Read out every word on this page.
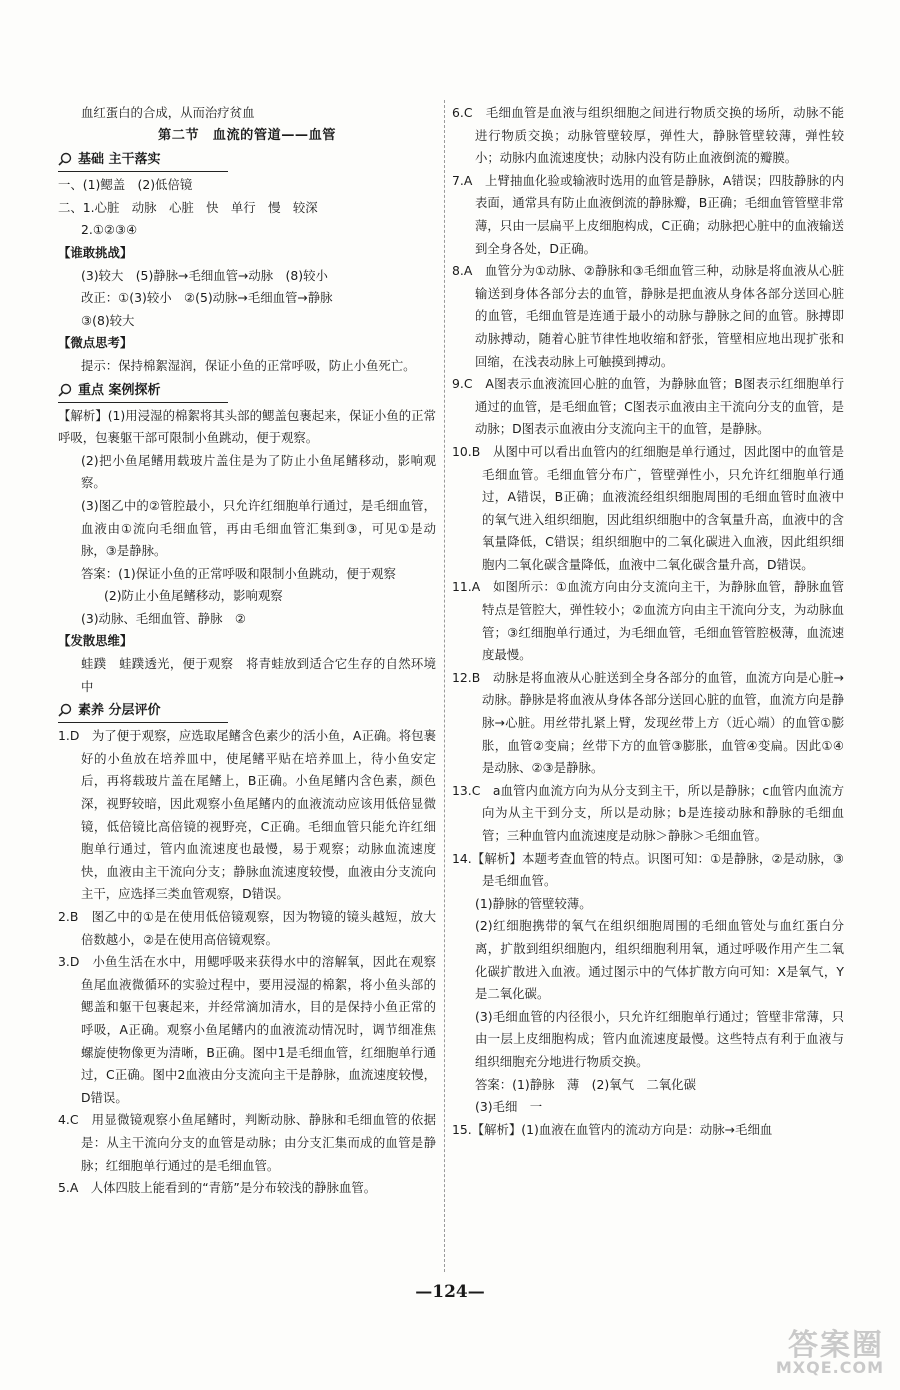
血红蛋白的合成，从而治疗贫血

第二节　血流的管道——血管

基础 主干落实

一、(1)鳃盖　(2)低倍镜

二、1.心脏　动脉　心脏　快　单行　慢　较深

2.①②③④

【谁敢挑战】

(3)较大　(5)静脉→毛细血管→动脉　(8)较小

改正：①(3)较小　②(5)动脉→毛细血管→静脉

③(8)较大

【微点思考】

提示：保持棉絮湿润，保证小鱼的正常呼吸，防止小鱼死亡。

重点 案例探析

【解析】(1)用浸湿的棉絮将其头部的鳃盖包裹起来，保证小鱼的正常呼吸，包裹躯干部可限制小鱼跳动，便于观察。

(2)把小鱼尾鳍用载玻片盖住是为了防止小鱼尾鳍移动，影响观察。

(3)图乙中的②管腔最小，只允许红细胞单行通过，是毛细血管，血液由①流向毛细血管，再由毛细血管汇集到③，可见①是动脉，③是静脉。

答案：(1)保证小鱼的正常呼吸和限制小鱼跳动，便于观察

(2)防止小鱼尾鳍移动，影响观察

(3)动脉、毛细血管、静脉　②

【发散思维】

蛙蹼　蛙蹼透光，便于观察　将青蛙放到适合它生存的自然环境中

素养 分层评价

1.D　为了便于观察，应选取尾鳍含色素少的活小鱼，A正确。将包裹好的小鱼放在培养皿中，使尾鳍平贴在培养皿上，待小鱼安定后，再将载玻片盖在尾鳍上，B正确。小鱼尾鳍内含色素，颜色深，视野较暗，因此观察小鱼尾鳍内的血液流动应该用低倍显微镜，低倍镜比高倍镜的视野亮，C正确。毛细血管只能允许红细胞单行通过，管内血流速度也最慢，易于观察；动脉血流速度快，血液由主干流向分支；静脉血流速度较慢，血液由分支流向主干，应选择三类血管观察，D错误。

2.B　图乙中的①是在使用低倍镜观察，因为物镜的镜头越短，放大倍数越小，②是在使用高倍镜观察。

3.D　小鱼生活在水中，用鳃呼吸来获得水中的溶解氧，因此在观察鱼尾血液微循环的实验过程中，要用浸湿的棉絮，将小鱼头部的鳃盖和躯干包裹起来，并经常滴加清水，目的是保持小鱼正常的呼吸，A正确。观察小鱼尾鳍内的血液流动情况时，调节细准焦螺旋使物像更为清晰，B正确。图中1是毛细血管，红细胞单行通过，C正确。图中2血液由分支流向主干是静脉，血流速度较慢，D错误。

4.C　用显微镜观察小鱼尾鳍时，判断动脉、静脉和毛细血管的依据是：从主干流向分支的血管是动脉；由分支汇集而成的血管是静脉；红细胞单行通过的是毛细血管。

5.A　人体四肢上能看到的“青筋”是分布较浅的静脉血管。

6.C　毛细血管是血液与组织细胞之间进行物质交换的场所，动脉不能进行物质交换；动脉管壁较厚，弹性大，静脉管壁较薄，弹性较小；动脉内血流速度快；动脉内没有防止血液倒流的瓣膜。

7.A　上臂抽血化验或输液时选用的血管是静脉，A错误；四肢静脉的内表面，通常具有防止血液倒流的静脉瓣，B正确；毛细血管管壁非常薄，只由一层扁平上皮细胞构成，C正确；动脉把心脏中的血液输送到全身各处，D正确。

8.A　血管分为①动脉、②静脉和③毛细血管三种，动脉是将血液从心脏输送到身体各部分去的血管，静脉是把血液从身体各部分送回心脏的血管，毛细血管是连通于最小的动脉与静脉之间的血管。脉搏即动脉搏动，随着心脏节律性地收缩和舒张，管壁相应地出现扩张和回缩，在浅表动脉上可触摸到搏动。

9.C　A图表示血液流回心脏的血管，为静脉血管；B图表示红细胞单行通过的血管，是毛细血管；C图表示血液由主干流向分支的血管，是动脉；D图表示血液由分支流向主干的血管，是静脉。

10.B　从图中可以看出血管内的红细胞是单行通过，因此图中的血管是毛细血管。毛细血管分布广，管壁弹性小，只允许红细胞单行通过，A错误，B正确；血液流经组织细胞周围的毛细血管时血液中的氧气进入组织细胞，因此组织细胞中的含氧量升高，血液中的含氧量降低，C错误；组织细胞中的二氧化碳进入血液，因此组织细胞内二氧化碳含量降低，血液中二氧化碳含量升高，D错误。

11.A　如图所示：①血流方向由分支流向主干，为静脉血管，静脉血管特点是管腔大，弹性较小；②血流方向由主干流向分支，为动脉血管；③红细胞单行通过，为毛细血管，毛细血管管腔极薄，血流速度最慢。

12.B　动脉是将血液从心脏送到全身各部分的血管，血流方向是心脏→动脉。静脉是将血液从身体各部分送回心脏的血管，血流方向是静脉→心脏。用丝带扎紧上臂，发现丝带上方（近心端）的血管①膨胀，血管②变扁；丝带下方的血管③膨胀，血管④变扁。因此①④是动脉、②③是静脉。

13.C　a血管内血流方向为从分支到主干，所以是静脉；c血管内血流方向为从主干到分支，所以是动脉；b是连接动脉和静脉的毛细血管；三种血管内血流速度是动脉＞静脉＞毛细血管。

14.【解析】本题考查血管的特点。识图可知：①是静脉，②是动脉，③是毛细血管。

(1)静脉的管壁较薄。

(2)红细胞携带的氧气在组织细胞周围的毛细血管处与血红蛋白分离，扩散到组织细胞内，组织细胞利用氧，通过呼吸作用产生二氧化碳扩散进入血液。通过图示中的气体扩散方向可知：X是氧气，Y是二氧化碳。

(3)毛细血管的内径很小，只允许红细胞单行通过；管壁非常薄，只由一层上皮细胞构成；管内血流速度最慢。这些特点有利于血液与组织细胞充分地进行物质交换。

答案：(1)静脉　薄　(2)氧气　二氧化碳

(3)毛细　一

15.【解析】(1)血液在血管内的流动方向是：动脉→毛细血

—124—
答案圈
MXQE.COM
